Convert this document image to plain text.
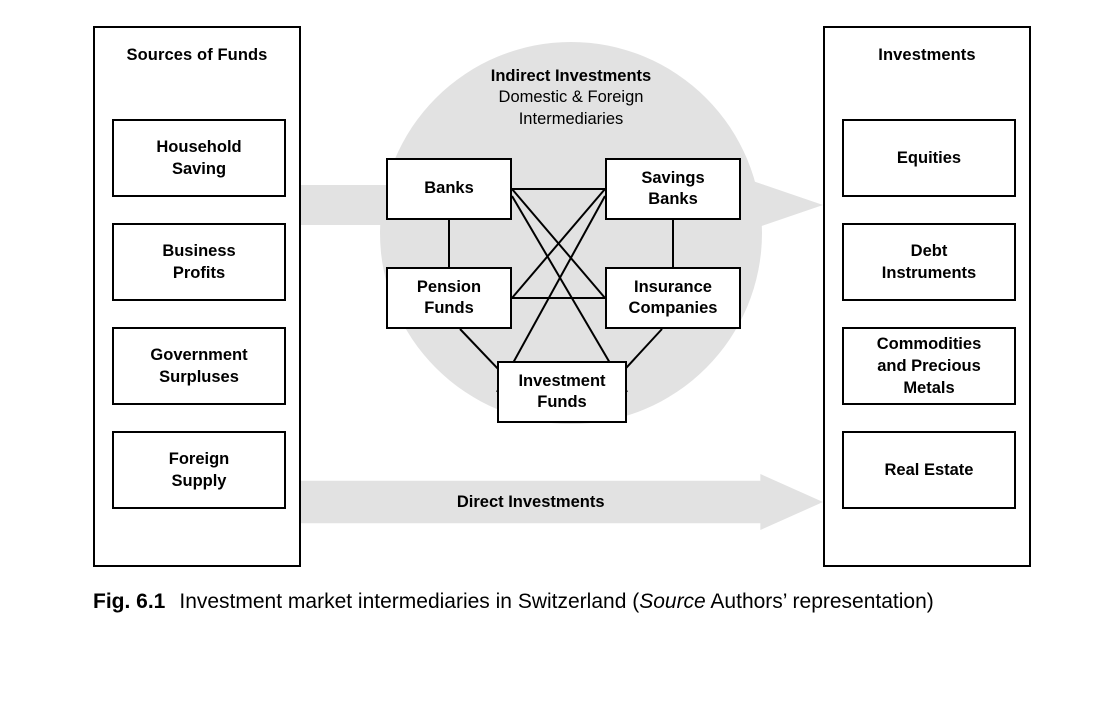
Direct Investments
Indirect Investments
Domestic & Foreign
Intermediaries
Banks
Savings
Banks
Pension
Funds
Insurance
Companies
Investment
Funds
Sources of Funds
Household
Saving
Business
Profits
Government
Surpluses
Foreign
Supply
Investments
Equities
Debt
Instruments
Commodities
and Precious
Metals
Real Estate
Fig. 6.1 Investment market intermediaries in Switzerland (Source Authors’ representation)
